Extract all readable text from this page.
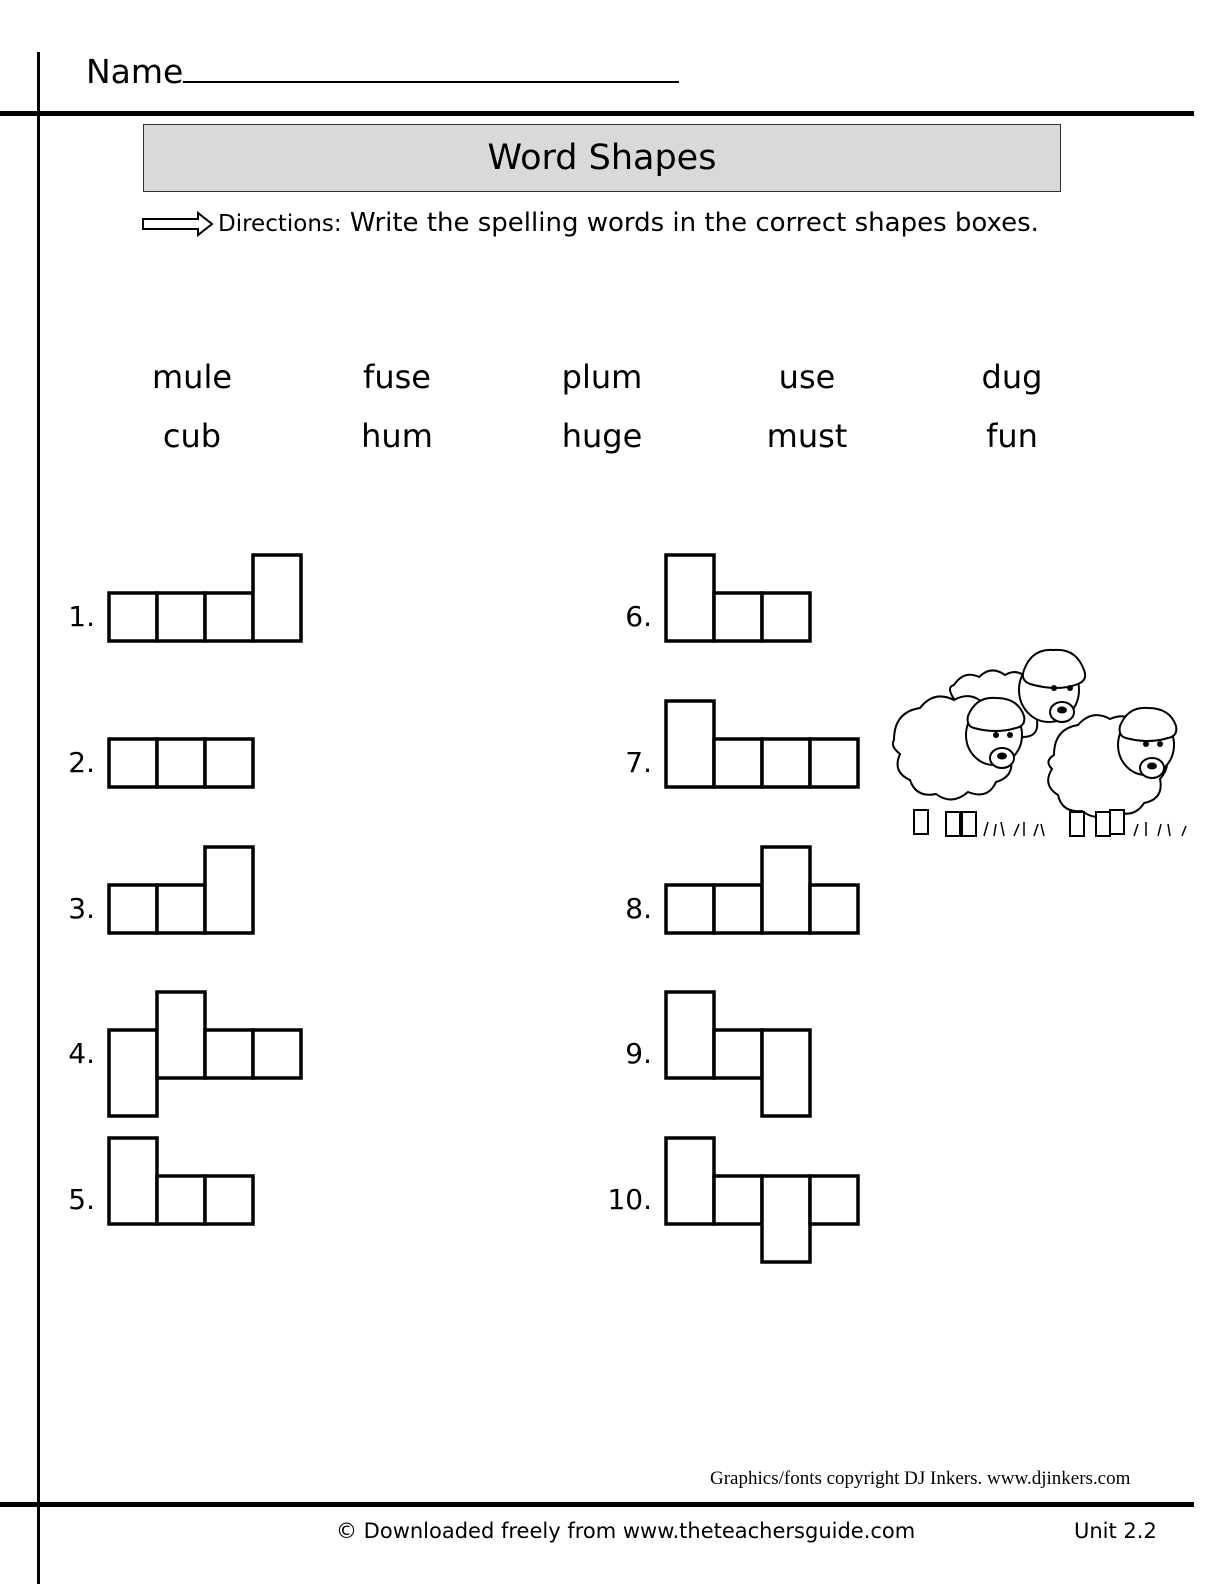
Name
Word Shapes
Directions: Write the spelling words in the correct shapes boxes.
mule	fuse	plum	use	dug
cub	hum	huge	must	fun
1.
2.
3.
4.
5.
6.
7.
8.
9.
10.
Graphics/fonts copyright DJ Inkers. www.djinkers.com
© Downloaded freely from www.theteachersguide.com	Unit 2.2
